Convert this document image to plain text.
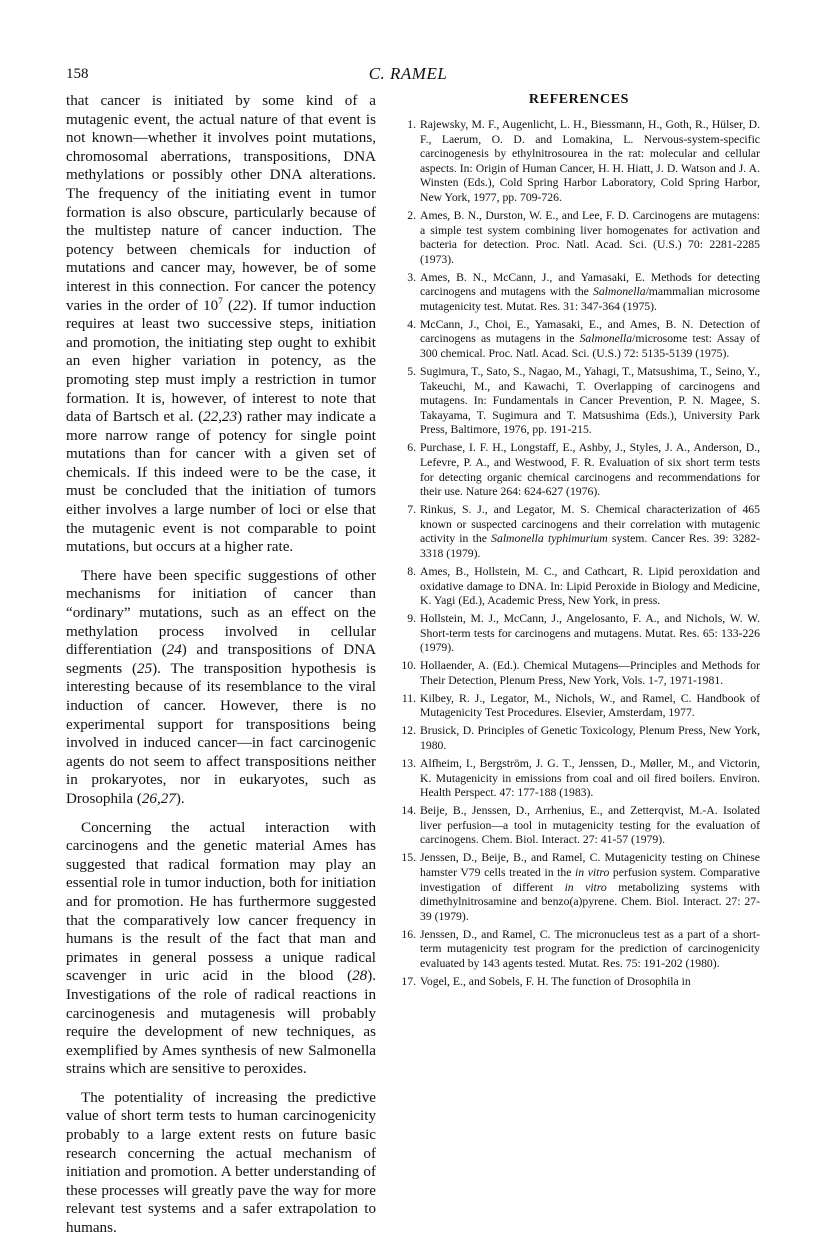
158	C. RAMEL

that cancer is initiated by some kind of a mutagenic event, the actual nature of that event is not known—whether it involves point mutations, chromosomal aberrations, transpositions, DNA methylations or possibly other DNA alterations. The frequency of the initiating event in tumor formation is also obscure, particularly because of the multistep nature of cancer induction. The potency between chemicals for induction of mutations and cancer may, however, be of some interest in this connection. For cancer the potency varies in the order of $10^7$ (22). If tumor induction requires at least two successive steps, initiation and promotion, the initiating step ought to exhibit an even higher variation in potency, as the promoting step must imply a restriction in tumor formation. It is, however, of interest to note that data of Bartsch et al. (22,23) rather may indicate a more narrow range of potency for single point mutations than for cancer with a given set of chemicals. If this indeed were to be the case, it must be concluded that the initiation of tumors either involves a large number of loci or else that the mutagenic event is not comparable to point mutations, but occurs at a higher rate.

There have been specific suggestions of other mechanisms for initiation of cancer than “ordinary” mutations, such as an effect on the methylation process involved in cellular differentiation (24) and transpositions of DNA segments (25). The transposition hypothesis is interesting because of its resemblance to the viral induction of cancer. However, there is no experimental support for transpositions being involved in induced cancer—in fact carcinogenic agents do not seem to affect transpositions neither in prokaryotes, nor in eukaryotes, such as Drosophila (26,27).

Concerning the actual interaction with carcinogens and the genetic material Ames has suggested that radical formation may play an essential role in tumor induction, both for initiation and for promotion. He has furthermore suggested that the comparatively low cancer frequency in humans is the result of the fact that man and primates in general possess a unique radical scavenger in uric acid in the blood (28). Investigations of the role of radical reactions in carcinogenesis and mutagenesis will probably require the development of new techniques, as exemplified by Ames synthesis of new Salmonella strains which are sensitive to peroxides.

The potentiality of increasing the predictive value of short term tests to human carcinogenicity probably to a large extent rests on future basic research concerning the actual mechanism of initiation and promotion. A better understanding of these processes will greatly pave the way for more relevant test systems and a safer extrapolation to humans.

REFERENCES
1. Rajewsky, M. F., Augenlicht, L. H., Biessmann, H., Goth, R., Hülser, D. F., Laerum, O. D. and Lomakina, L. Nervous-system-specific carcinogenesis by ethylnitrosourea in the rat: molecular and cellular aspects. In: Origin of Human Cancer, H. H. Hiatt, J. D. Watson and J. A. Winsten (Eds.), Cold Spring Harbor Laboratory, Cold Spring Harbor, New York, 1977, pp. 709-726.
2. Ames, B. N., Durston, W. E., and Lee, F. D. Carcinogens are mutagens: a simple test system combining liver homogenates for activation and bacteria for detection. Proc. Natl. Acad. Sci. (U.S.) 70: 2281-2285 (1973).
3. Ames, B. N., McCann, J., and Yamasaki, E. Methods for detecting carcinogens and mutagens with the Salmonella/mammalian microsome mutagenicity test. Mutat. Res. 31: 347-364 (1975).
4. McCann, J., Choi, E., Yamasaki, E., and Ames, B. N. Detection of carcinogens as mutagens in the Salmonella/microsome test: Assay of 300 chemical. Proc. Natl. Acad. Sci. (U.S.) 72: 5135-5139 (1975).
5. Sugimura, T., Sato, S., Nagao, M., Yahagi, T., Matsushima, T., Seino, Y., Takeuchi, M., and Kawachi, T. Overlapping of carcinogens and mutagens. In: Fundamentals in Cancer Prevention, P. N. Magee, S. Takayama, T. Sugimura and T. Matsushima (Eds.), University Park Press, Baltimore, 1976, pp. 191-215.
6. Purchase, I. F. H., Longstaff, E., Ashby, J., Styles, J. A., Anderson, D., Lefevre, P. A., and Westwood, F. R. Evaluation of six short term tests for detecting organic chemical carcinogens and recommendations for their use. Nature 264: 624-627 (1976).
7. Rinkus, S. J., and Legator, M. S. Chemical characterization of 465 known or suspected carcinogens and their correlation with mutagenic activity in the Salmonella typhimurium system. Cancer Res. 39: 3282-3318 (1979).
8. Ames, B., Hollstein, M. C., and Cathcart, R. Lipid peroxidation and oxidative damage to DNA. In: Lipid Peroxide in Biology and Medicine, K. Yagi (Ed.), Academic Press, New York, in press.
9. Hollstein, M. J., McCann, J., Angelosanto, F. A., and Nichols, W. W. Short-term tests for carcinogens and mutagens. Mutat. Res. 65: 133-226 (1979).
10. Hollaender, A. (Ed.). Chemical Mutagens—Principles and Methods for Their Detection, Plenum Press, New York, Vols. 1-7, 1971-1981.
11. Kilbey, R. J., Legator, M., Nichols, W., and Ramel, C. Handbook of Mutagenicity Test Procedures. Elsevier, Amsterdam, 1977.
12. Brusick, D. Principles of Genetic Toxicology, Plenum Press, New York, 1980.
13. Alfheim, I., Bergström, J. G. T., Jenssen, D., Møller, M., and Victorin, K. Mutagenicity in emissions from coal and oil fired boilers. Environ. Health Perspect. 47: 177-188 (1983).
14. Beije, B., Jenssen, D., Arrhenius, E., and Zetterqvist, M.-A. Isolated liver perfusion—a tool in mutagenicity testing for the evaluation of carcinogens. Chem. Biol. Interact. 27: 41-57 (1979).
15. Jenssen, D., Beije, B., and Ramel, C. Mutagenicity testing on Chinese hamster V79 cells treated in the in vitro perfusion system. Comparative investigation of different in vitro metabolizing systems with dimethylnitrosamine and benzo(a)pyrene. Chem. Biol. Interact. 27: 27-39 (1979).
16. Jenssen, D., and Ramel, C. The micronucleus test as a part of a short-term mutagenicity test program for the prediction of carcinogenicity evaluated by 143 agents tested. Mutat. Res. 75: 191-202 (1980).
17. Vogel, E., and Sobels, F. H. The function of Drosophila in
